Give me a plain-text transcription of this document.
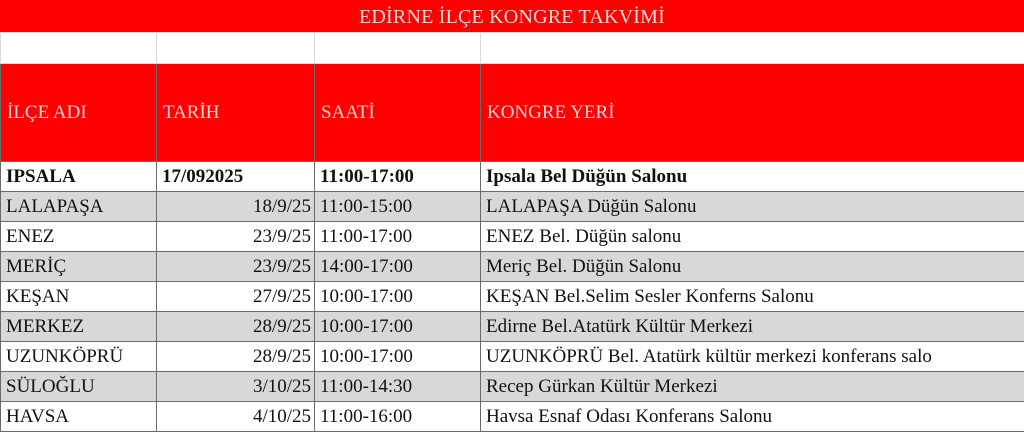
EDİRNE İLÇE KONGRE TAKVİMİ

İLÇE ADI	TARİH	SAATİ	KONGRE YERİ
IPSALA	17/092025	11:00-17:00	Ipsala Bel Düğün Salonu
LALAPAŞA	18/9/25	11:00-15:00	LALAPAŞA Düğün Salonu
ENEZ	23/9/25	11:00-17:00	ENEZ Bel. Düğün salonu
MERİÇ	23/9/25	14:00-17:00	Meriç Bel. Düğün Salonu
KEŞAN	27/9/25	10:00-17:00	KEŞAN Bel.Selim Sesler Konferns Salonu
MERKEZ	28/9/25	10:00-17:00	Edirne Bel.Atatürk Kültür Merkezi
UZUNKÖPRÜ	28/9/25	10:00-17:00	UZUNKÖPRÜ Bel. Atatürk kültür merkezi konferans salo
SÜLOĞLU	3/10/25	11:00-14:30	Recep Gürkan Kültür Merkezi
HAVSA	4/10/25	11:00-16:00	Havsa Esnaf Odası Konferans Salonu
